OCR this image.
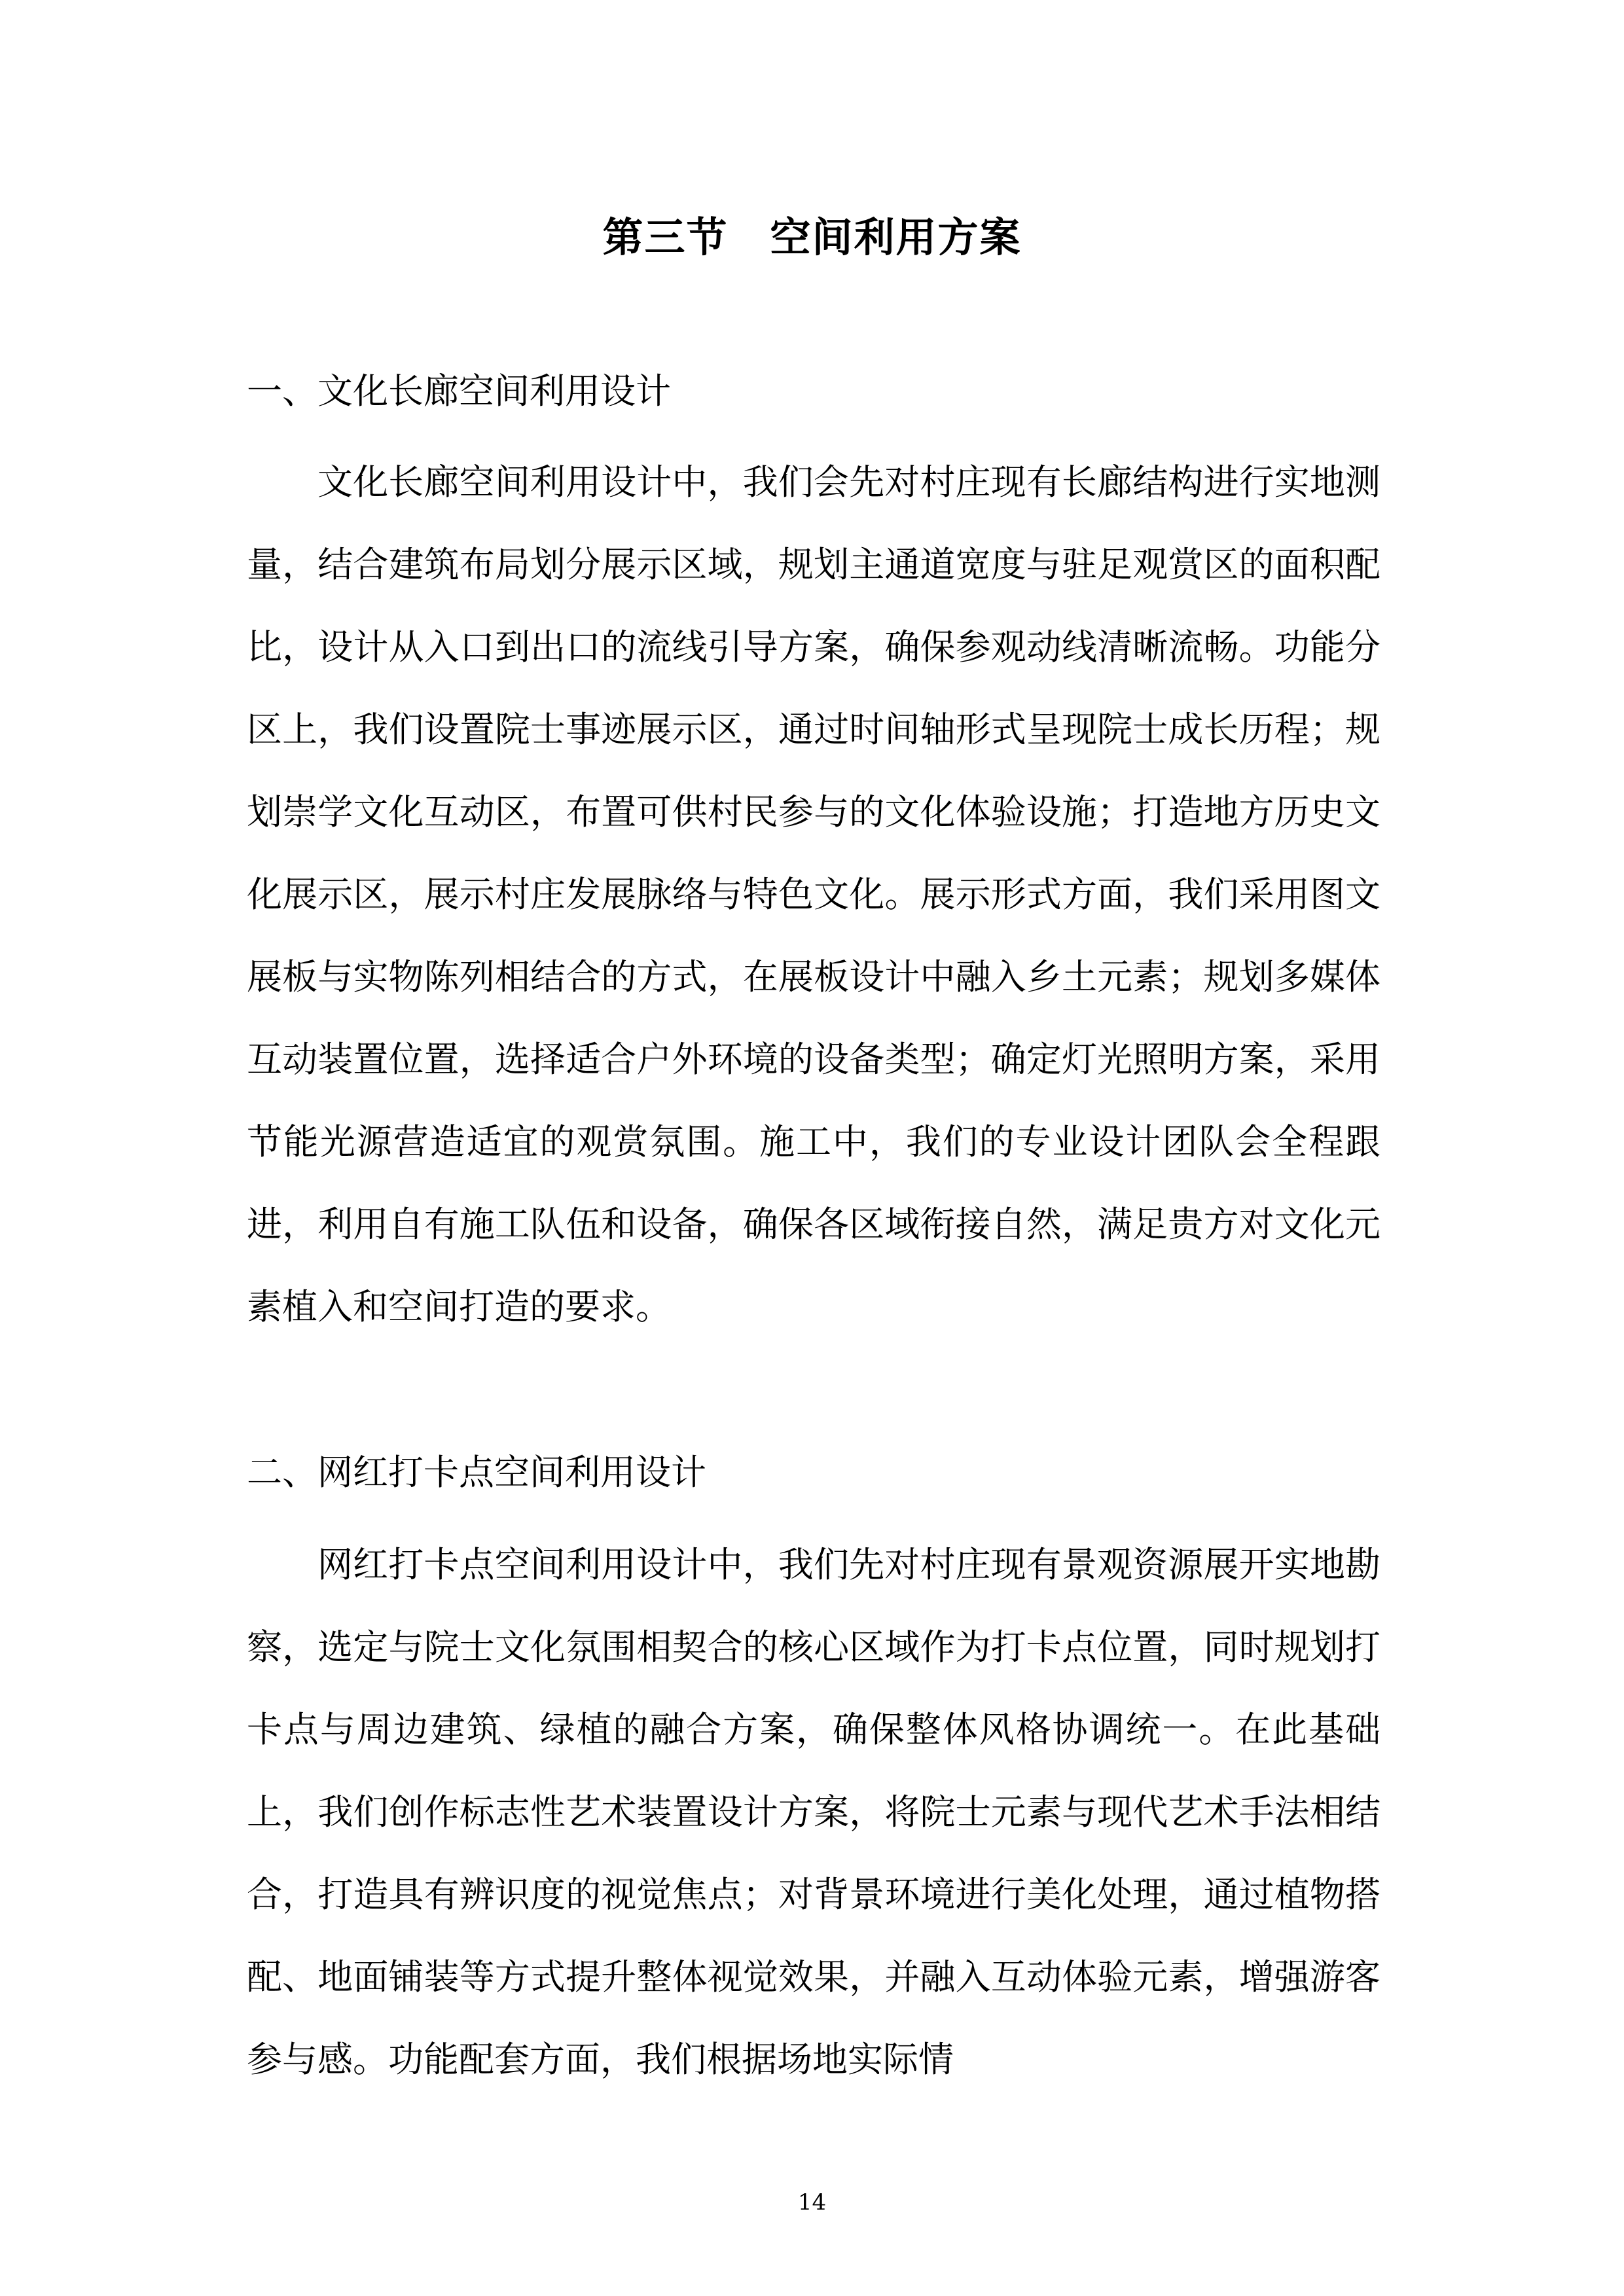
第三节　空间利用方案
一、文化长廊空间利用设计

文化长廊空间利用设计中，我们会先对村庄现有长廊结构进行实地测量，结合建筑布局划分展示区域，规划主通道宽度与驻足观赏区的面积配比，设计从入口到出口的流线引导方案，确保参观动线清晰流畅。功能分区上，我们设置院士事迹展示区，通过时间轴形式呈现院士成长历程；规划崇学文化互动区，布置可供村民参与的文化体验设施；打造地方历史文化展示区，展示村庄发展脉络与特色文化。展示形式方面，我们采用图文展板与实物陈列相结合的方式，在展板设计中融入乡土元素；规划多媒体互动装置位置，选择适合户外环境的设备类型；确定灯光照明方案，采用节能光源营造适宜的观赏氛围。施工中，我们的专业设计团队会全程跟进，利用自有施工队伍和设备，确保各区域衔接自然，满足贵方对文化元素植入和空间打造的要求。

二、网红打卡点空间利用设计

网红打卡点空间利用设计中，我们先对村庄现有景观资源展开实地勘察，选定与院士文化氛围相契合的核心区域作为打卡点位置，同时规划打卡点与周边建筑、绿植的融合方案，确保整体风格协调统一。在此基础上，我们创作标志性艺术装置设计方案，将院士元素与现代艺术手法相结合，打造具有辨识度的视觉焦点；对背景环境进行美化处理，通过植物搭配、地面铺装等方式提升整体视觉效果，并融入互动体验元素，增强游客参与感。功能配套方面，我们根据场地实际情

14
